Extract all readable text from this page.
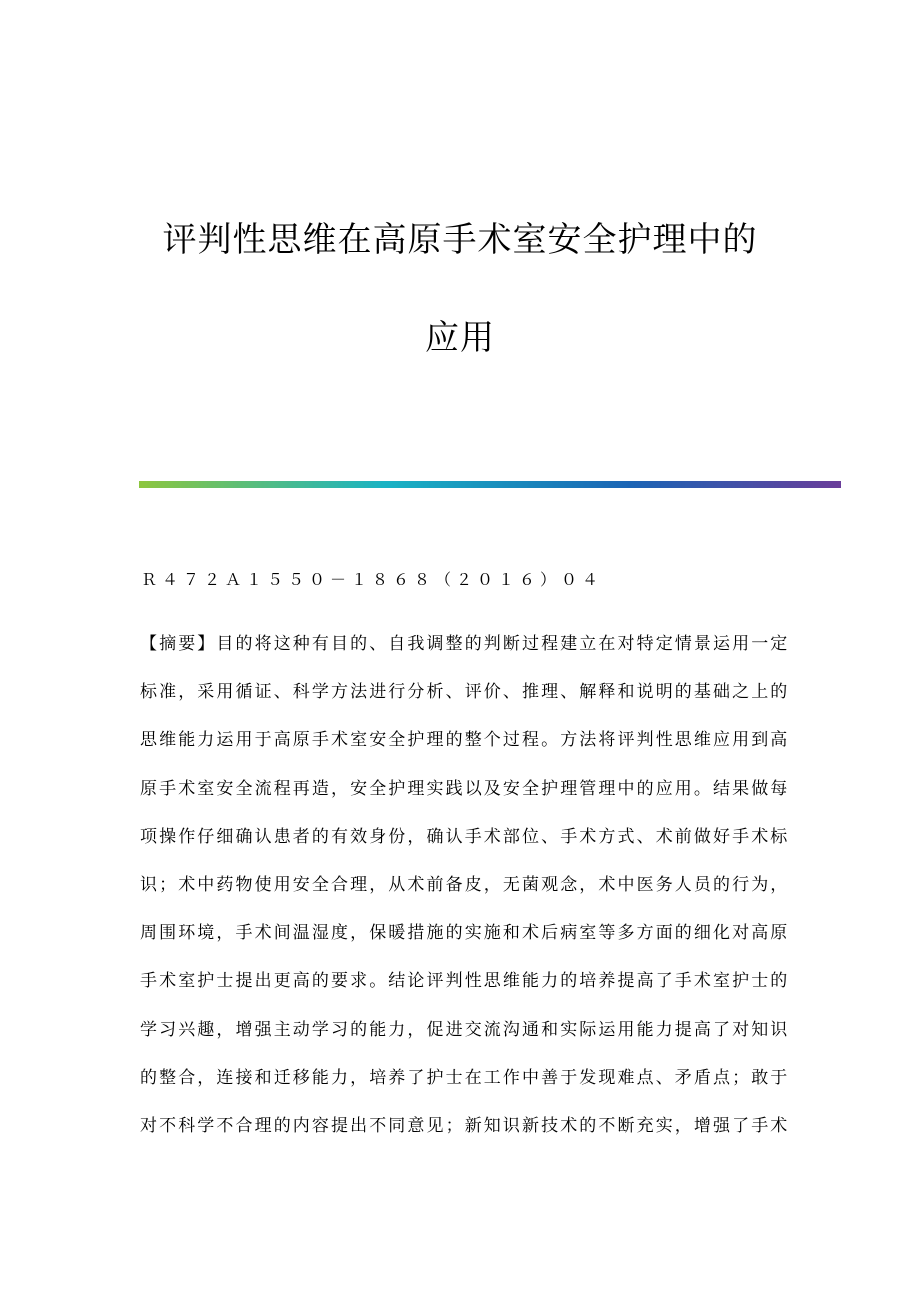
评判性思维在高原手术室安全护理中的
应用
Ｒ４７２Ａ１５５０－１８６８（２０１６）０４
【摘要】目的将这种有目的、自我调整的判断过程建立在对特定情景运用一定
标准，采用循证、科学方法进行分析、评价、推理、解释和说明的基础之上的
思维能力运用于高原手术室安全护理的整个过程。方法将评判性思维应用到高
原手术室安全流程再造，安全护理实践以及安全护理管理中的应用。结果做每
项操作仔细确认患者的有效身份，确认手术部位、手术方式、术前做好手术标
识；术中药物使用安全合理，从术前备皮，无菌观念，术中医务人员的行为，
周围环境，手术间温湿度，保暖措施的实施和术后病室等多方面的细化对高原
手术室护士提出更高的要求。结论评判性思维能力的培养提高了手术室护士的
学习兴趣，增强主动学习的能力，促进交流沟通和实际运用能力提高了对知识
的整合，连接和迁移能力，培养了护士在工作中善于发现难点、矛盾点；敢于
对不科学不合理的内容提出不同意见；新知识新技术的不断充实，增强了手术
